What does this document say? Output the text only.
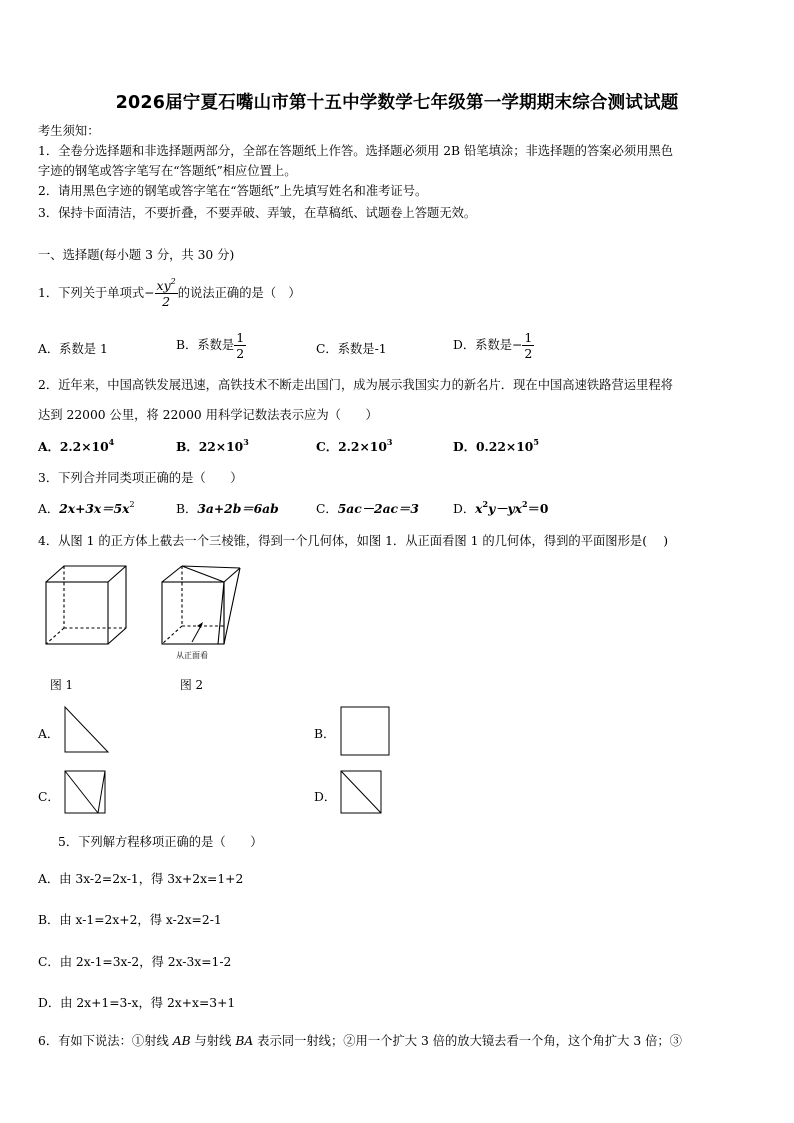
2026届宁夏石嘴山市第十五中学数学七年级第一学期期末综合测试试题
考生须知：
1．全卷分选择题和非选择题两部分，全部在答题纸上作答。选择题必须用 2B 铅笔填涂；非选择题的答案必须用黑色
字迹的钢笔或答字笔写在“答题纸”相应位置上。
2．请用黑色字迹的钢笔或答字笔在“答题纸”上先填写姓名和准考证号。
3．保持卡面清洁，不要折叠，不要弄破、弄皱，在草稿纸、试题卷上答题无效。
一、选择题(每小题 3 分，共 30 分)
1．下列关于单项式− $\frac{xy^2}{2}$ 的说法正确的是（　）
A．系数是 1	B．系数是 $\frac{1}{2}$	C．系数是-1	D．系数是− $\frac{1}{2}$
2．近年来，中国高铁发展迅速，高铁技术不断走出国门，成为展示我国实力的新名片．现在中国高速铁路营运里程将
达到 22000 公里，将 22000 用科学记数法表示应为（　　）
A．$2.2\times 10^4$	B．$22\times 10^3$	C．$2.2\times 10^3$	D．$0.22\times 10^5$
3．下列合并同类项正确的是（　　）
A．$2x+3x=5x^2$	B．3a+2b＝6ab	C．5ac－2ac＝3	D．$x^2y-yx^2=0$
4．从图 1 的正方体上截去一个三棱锥，得到一个几何体，如图 1．从正面看图 1 的几何体，得到的平面图形是(　 )
图 1
从正面看
图 2
A．	B．
C．	D．
5．下列解方程移项正确的是（　　）
A．由 3x-2=2x-1，得 3x+2x=1+2
B．由 x-1=2x+2，得 x-2x=2-1
C．由 2x-1=3x-2，得 2x-3x=1-2
D．由 2x+1=3-x，得 2x+x=3+1
6．有如下说法：①射线 AB 与射线 BA 表示同一射线；②用一个扩大 3 倍的放大镜去看一个角，这个角扩大 3 倍；③
